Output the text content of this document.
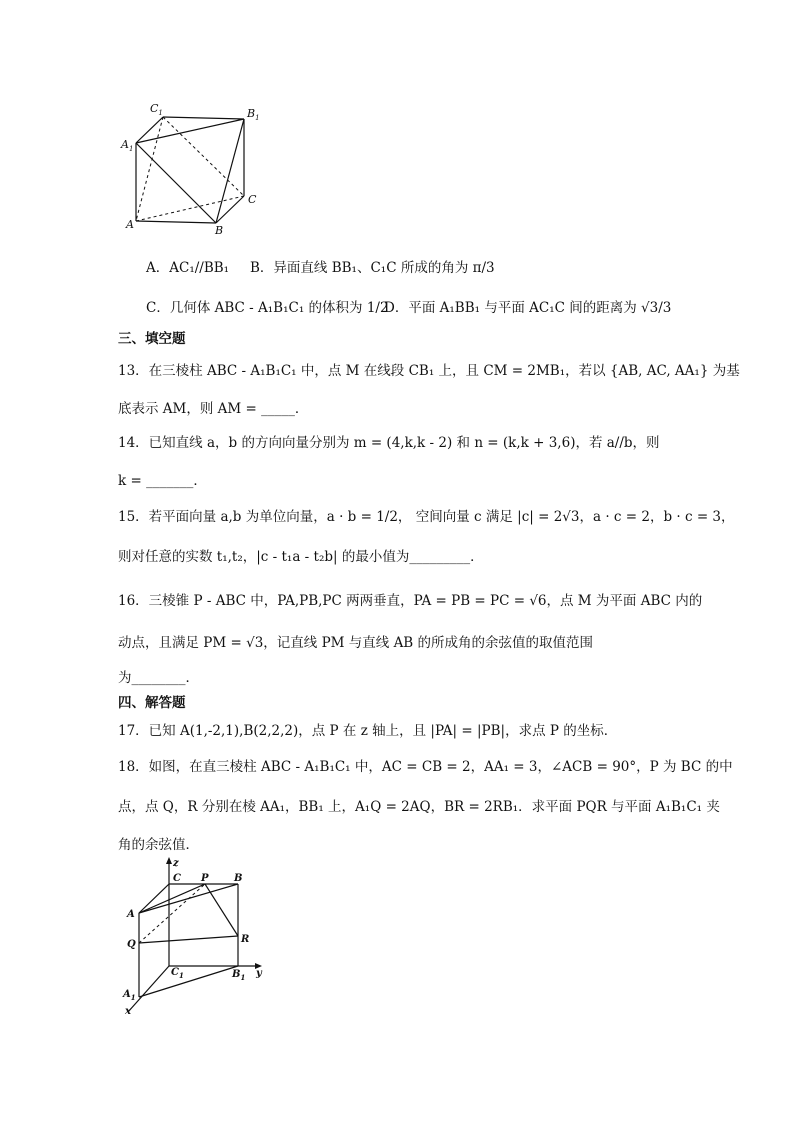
$C_1$	$B_1$
$A_1$
C
A	B
A．AC₁//BB₁ B．异面直线 BB₁、C₁C 所成的角为 π/3
C．几何体 ABC - A₁B₁C₁ 的体积为 1/2
D．平面 A₁BB₁ 与平面 AC₁C 间的距离为 √3/3
三、填空题
13．在三棱柱 ABC - A₁B₁C₁ 中，点 M 在线段 CB₁ 上，且 CM = 2MB₁，若以 {AB, AC, AA₁} 为基
底表示 AM，则 AM = _____．
14．已知直线 a，b 的方向向量分别为 m = (4,k,k - 2) 和 n = (k,k + 3,6)，若 a//b，则
k = _______．
15．若平面向量 a,b 为单位向量，a · b = 1/2， 空间向量 c 满足 |c| = 2√3，a · c = 2，b · c = 3，
则对任意的实数 t₁,t₂，|c - t₁a - t₂b| 的最小值为_________．
16．三棱锥 P - ABC 中，PA,PB,PC 两两垂直，PA = PB = PC = √6，点 M 为平面 ABC 内的
动点，且满足 PM = √3，记直线 PM 与直线 AB 的所成角的余弦值的取值范围
为________．
四、解答题
17．已知 A(1,-2,1),B(2,2,2)，点 P 在 z 轴上，且 |PA| = |PB|，求点 P 的坐标．
18．如图，在直三棱柱 ABC - A₁B₁C₁ 中，AC = CB = 2，AA₁ = 3，∠ACB = 90°，P 为 BC 的中
点，点 Q，R 分别在棱 AA₁，BB₁ 上，A₁Q = 2AQ，BR = 2RB₁．求平面 PQR 与平面 A₁B₁C₁ 夹
角的余弦值．
z
C P	B
A
Q	R
$C_1$	$B_1$ y
$A_1$
x
